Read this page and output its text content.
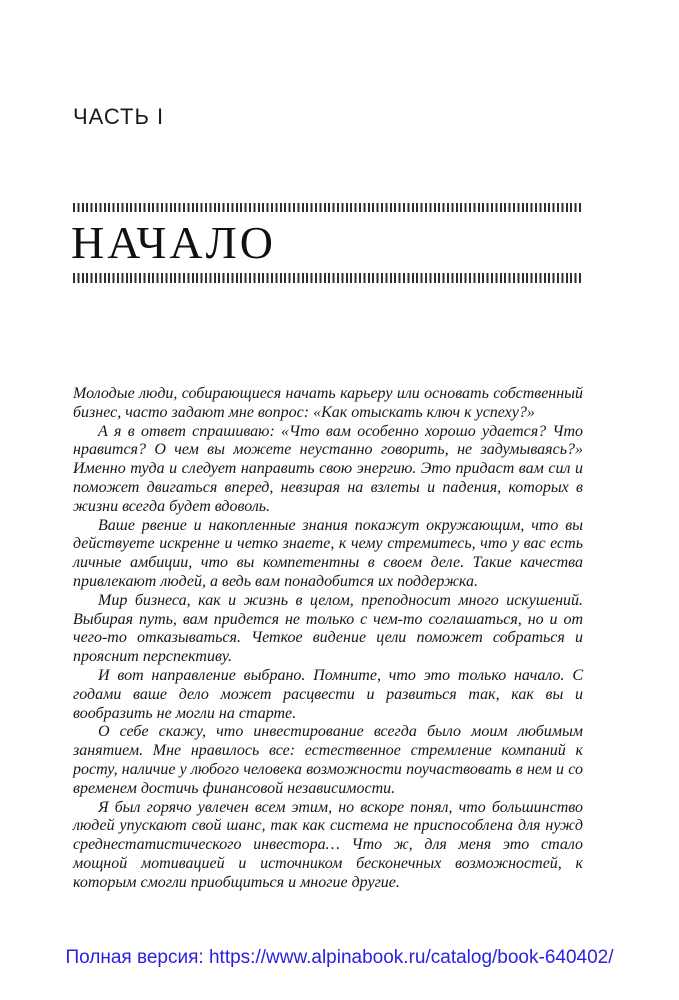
ЧАСТЬ I
НАЧАЛО

Молодые люди, собирающиеся начать карьеру или основать собственный бизнес, часто задают мне вопрос: «Как отыскать ключ к успеху?»

А я в ответ спрашиваю: «Что вам особенно хорошо удается? Что нравится? О чем вы можете неустанно говорить, не задумываясь?» Именно туда и следует направить свою энергию. Это придаст вам сил и поможет двигаться вперед, невзирая на взлеты и падения, которых в жизни всегда будет вдоволь.

Ваше рвение и накопленные знания покажут окружающим, что вы действуете искренне и четко знаете, к чему стремитесь, что у вас есть личные амбиции, что вы компетентны в своем деле. Такие качества привлекают людей, а ведь вам понадобится их поддержка.

Мир бизнеса, как и жизнь в целом, преподносит много искушений. Выбирая путь, вам придется не только с чем-то соглашаться, но и от чего-то отказываться. Четкое видение цели поможет собраться и прояснит перспективу.

И вот направление выбрано. Помните, что это только начало. С годами ваше дело может расцвести и развиться так, как вы и вообразить не могли на старте.

О себе скажу, что инвестирование всегда было моим любимым занятием. Мне нравилось все: естественное стремление компаний к росту, наличие у любого человека возможности поучаствовать в нем и со временем достичь финансовой независимости.

Я был горячо увлечен всем этим, но вскоре понял, что большинство людей упускают свой шанс, так как система не приспособлена для нужд среднестатистического инвестора… Что ж, для меня это стало мощной мотивацией и источником бесконечных возможностей, к которым смогли приобщиться и многие другие.

Полная версия: https://www.alpinabook.ru/catalog/book-640402/
